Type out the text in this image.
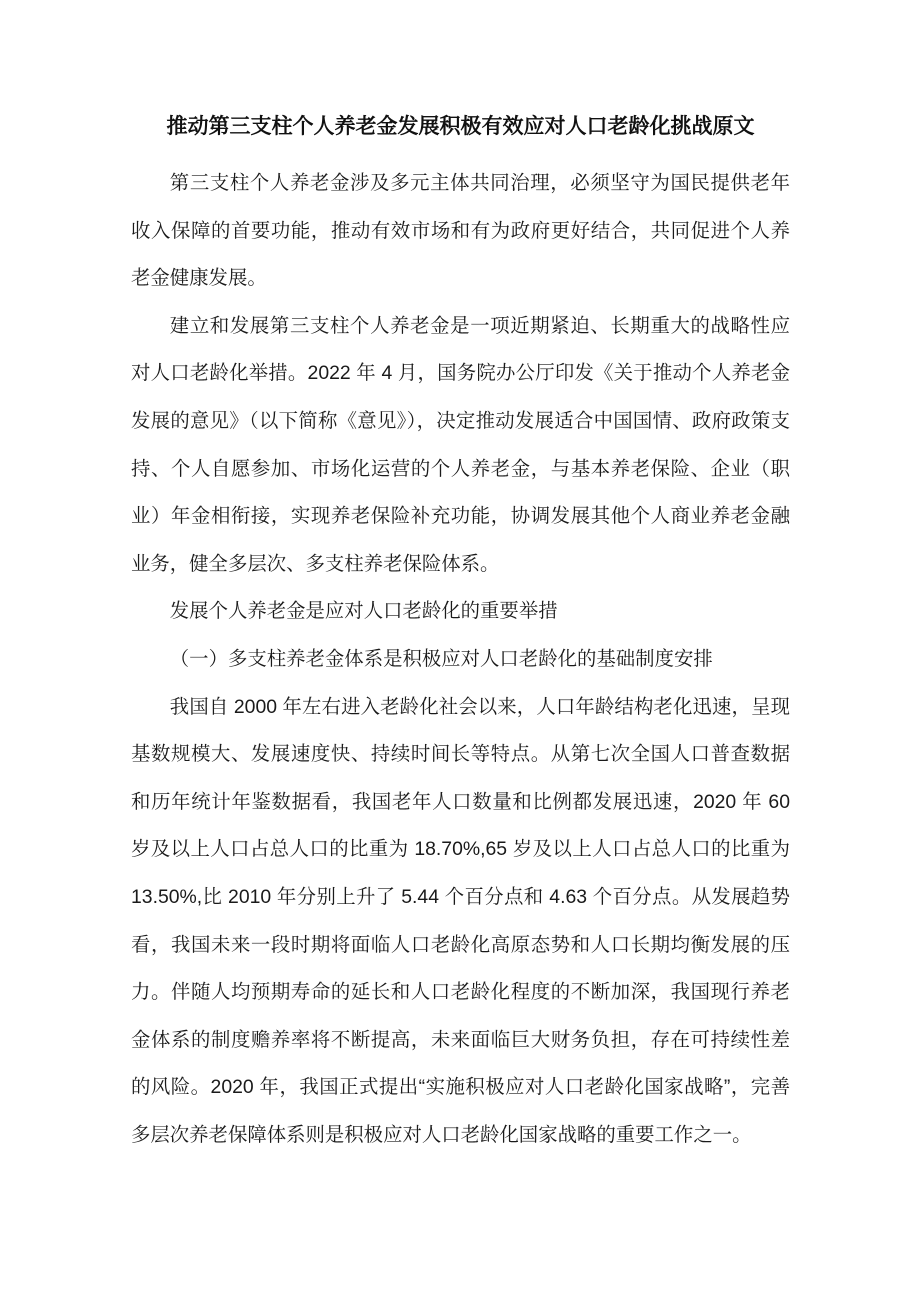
推动第三支柱个人养老金发展积极有效应对人口老龄化挑战原文

第三支柱个人养老金涉及多元主体共同治理，必须坚守为国民提供老年收入保障的首要功能，推动有效市场和有为政府更好结合，共同促进个人养老金健康发展。

建立和发展第三支柱个人养老金是一项近期紧迫、长期重大的战略性应对人口老龄化举措。2022 年 4 月，国务院办公厅印发《关于推动个人养老金发展的意见》（以下简称《意见》），决定推动发展适合中国国情、政府政策支持、个人自愿参加、市场化运营的个人养老金，与基本养老保险、企业（职业）年金相衔接，实现养老保险补充功能，协调发展其他个人商业养老金融业务，健全多层次、多支柱养老保险体系。

发展个人养老金是应对人口老龄化的重要举措

（一）多支柱养老金体系是积极应对人口老龄化的基础制度安排

我国自 2000 年左右进入老龄化社会以来，人口年龄结构老化迅速，呈现基数规模大、发展速度快、持续时间长等特点。从第七次全国人口普查数据和历年统计年鉴数据看，我国老年人口数量和比例都发展迅速，2020 年 60 岁及以上人口占总人口的比重为 18.70%,65 岁及以上人口占总人口的比重为 13.50%,比 2010 年分别上升了 5.44 个百分点和 4.63 个百分点。从发展趋势看，我国未来一段时期将面临人口老龄化高原态势和人口长期均衡发展的压力。伴随人均预期寿命的延长和人口老龄化程度的不断加深，我国现行养老金体系的制度赡养率将不断提高，未来面临巨大财务负担，存在可持续性差的风险。2020 年，我国正式提出“实施积极应对人口老龄化国家战略”，完善多层次养老保障体系则是积极应对人口老龄化国家战略的重要工作之一。
